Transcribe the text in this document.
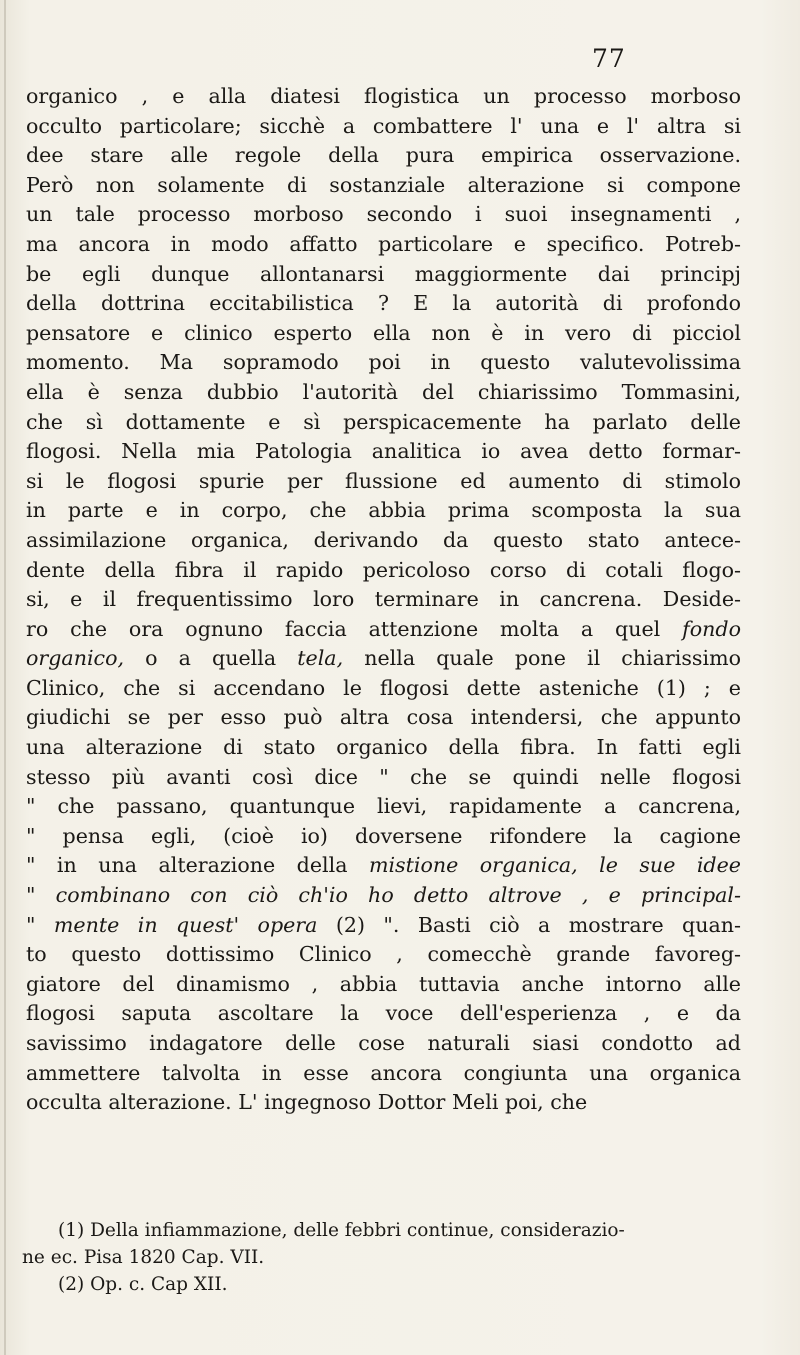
77
organico , e alla diatesi flogistica un processo morboso
occulto particolare; sicchè a combattere l' una e l' altra si
dee stare alle regole della pura empirica osservazione.
Però non solamente di sostanziale alterazione si compone
un tale processo morboso secondo i suoi insegnamenti ,
ma ancora in modo affatto particolare e specifico. Potreb-
be egli dunque allontanarsi maggiormente dai principj
della dottrina eccitabilistica ? E la autorità di profondo
pensatore e clinico esperto ella non è in vero di picciol
momento. Ma sopramodo poi in questo valutevolissima
ella è senza dubbio l'autorità del chiarissimo Tommasini,
che sì dottamente e sì perspicacemente ha parlato delle
flogosi. Nella mia Patologia analitica io avea detto formar-
si le flogosi spurie per flussione ed aumento di stimolo
in parte e in corpo, che abbia prima scomposta la sua
assimilazione organica, derivando da questo stato antece-
dente della fibra il rapido pericoloso corso di cotali flogo-
si, e il frequentissimo loro terminare in cancrena. Deside-
ro che ora ognuno faccia attenzione molta a quel fondo
organico, o a quella tela, nella quale pone il chiarissimo
Clinico, che si accendano le flogosi dette asteniche (1) ; e
giudichi se per esso può altra cosa intendersi, che appunto
una alterazione di stato organico della fibra. In fatti egli
stesso più avanti così dice " che se quindi nelle flogosi
" che passano, quantunque lievi, rapidamente a cancrena,
" pensa egli, (cioè io) doversene rifondere la cagione
" in una alterazione della mistione organica, le sue idee
" combinano con ciò ch'io ho detto altrove , e principal-
" mente in quest' opera (2) ". Basti ciò a mostrare quan-
to questo dottissimo Clinico , comecchè grande favoreg-
giatore del dinamismo , abbia tuttavia anche intorno alle
flogosi saputa ascoltare la voce dell'esperienza , e da
savissimo indagatore delle cose naturali siasi condotto ad
ammettere talvolta in esse ancora congiunta una organica
occulta alterazione. L' ingegnoso Dottor Meli poi, che
(1) Della infiammazione, delle febbri continue, considerazio-
ne ec. Pisa 1820 Cap. VII.
(2) Op. c. Cap XII.
